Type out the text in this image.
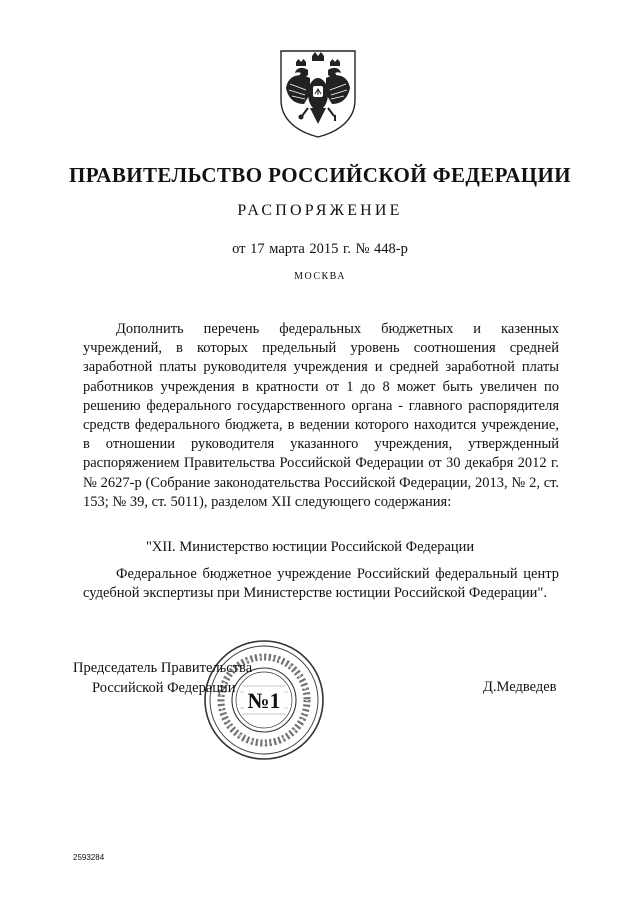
ПРАВИТЕЛЬСТВО РОССИЙСКОЙ ФЕДЕРАЦИИ
РАСПОРЯЖЕНИЕ
от 17 марта 2015 г. № 448-р
МОСКВА
Дополнить перечень федеральных бюджетных и казенных учреждений, в которых предельный уровень соотношения средней заработной платы руководителя учреждения и средней заработной платы работников учреждения в кратности от 1 до 8 может быть увеличен по решению федерального государственного органа - главного распорядителя средств федерального бюджета, в ведении которого находится учреждение, в отношении руководителя указанного учреждения, утвержденный распоряжением Правительства Российской Федерации от 30 декабря 2012 г. № 2627-р (Собрание законодательства Российской Федерации, 2013, № 2, ст. 153; № 39, ст. 5011), разделом XII следующего содержания:
"XII. Министерство юстиции Российской Федерации
Федеральное бюджетное учреждение Российский федеральный центр судебной экспертизы при Министерстве юстиции Российской Федерации".
№1
Председатель Правительства
Российской Федерации	Д.Медведев
2593284
